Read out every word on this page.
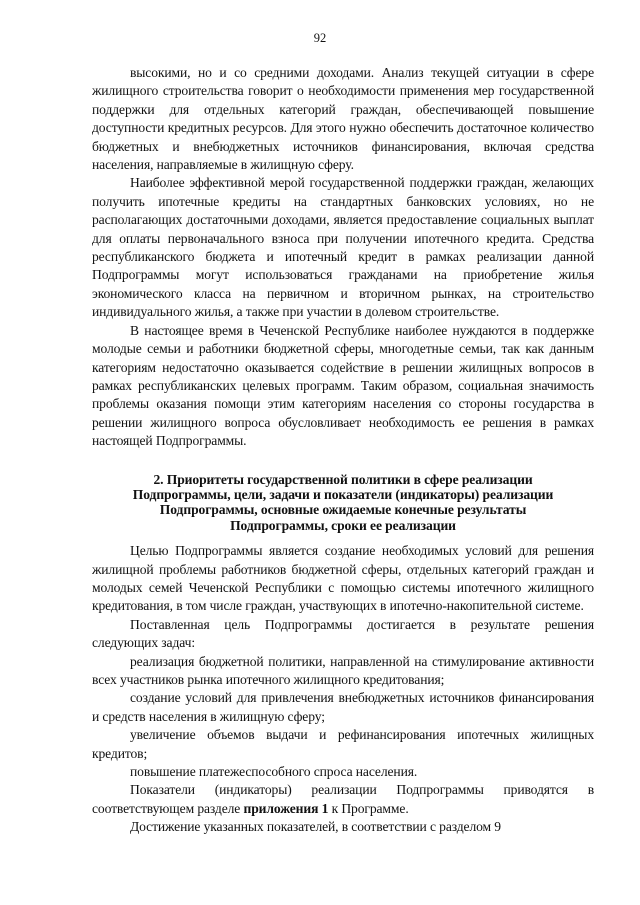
92

высокими, но и со средними доходами. Анализ текущей ситуации в сфере жилищного строительства говорит о необходимости применения мер государственной поддержки для отдельных категорий граждан, обеспечивающей повышение доступности кредитных ресурсов. Для этого нужно обеспечить достаточное количество бюджетных и внебюджетных источников финансирования, включая средства населения, направляемые в жилищную сферу.

Наиболее эффективной мерой государственной поддержки граждан, желающих получить ипотечные кредиты на стандартных банковских условиях, но не располагающих достаточными доходами, является предоставление социальных выплат для оплаты первоначального взноса при получении ипотечного кредита. Средства республиканского бюджета и ипотечный кредит в рамках реализации данной Подпрограммы могут использоваться гражданами на приобретение жилья экономического класса на первичном и вторичном рынках, на строительство индивидуального жилья, а также при участии в долевом строительстве.

В настоящее время в Чеченской Республике наиболее нуждаются в поддержке молодые семьи и работники бюджетной сферы, многодетные семьи, так как данным категориям недостаточно оказывается содействие в решении жилищных вопросов в рамках республиканских целевых программ. Таким образом, социальная значимость проблемы оказания помощи этим категориям населения со стороны государства в решении жилищного вопроса обусловливает необходимость ее решения в рамках настоящей Подпрограммы.

2. Приоритеты государственной политики в сфере реализации
Подпрограммы, цели, задачи и показатели (индикаторы) реализации
Подпрограммы, основные ожидаемые конечные результаты
Подпрограммы, сроки ее реализации

Целью Подпрограммы является создание необходимых условий для решения жилищной проблемы работников бюджетной сферы, отдельных категорий граждан и молодых семей Чеченской Республики с помощью системы ипотечного жилищного кредитования, в том числе граждан, участвующих в ипотечно-накопительной системе.

Поставленная цель Подпрограммы достигается в результате решения следующих задач:

реализация бюджетной политики, направленной на стимулирование активности всех участников рынка ипотечного жилищного кредитования;

создание условий для привлечения внебюджетных источников финансирования и средств населения в жилищную сферу;

увеличение объемов выдачи и рефинансирования ипотечных жилищных кредитов;

повышение платежеспособного спроса населения.

Показатели (индикаторы) реализации Подпрограммы приводятся в соответствующем разделе приложения 1 к Программе.

Достижение указанных показателей, в соответствии с разделом 9
